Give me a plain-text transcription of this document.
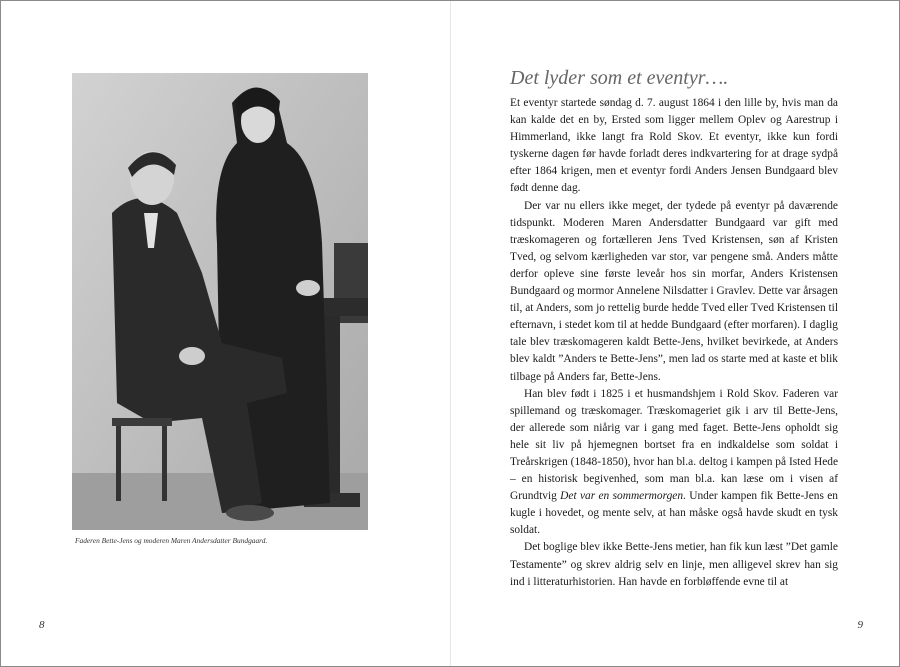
Faderen Bette-Jens og moderen Maren Andersdatter Bundgaard.
8
Det lyder som et eventyr….

Et eventyr startede søndag d. 7. august 1864 i den lille by, hvis man da kan kalde det en by, Ersted som ligger mellem Oplev og Aarestrup i Himmerland, ikke langt fra Rold Skov. Et eventyr, ikke kun fordi tyskerne dagen før havde forladt deres indkvartering for at drage sydpå efter 1864 krigen, men et eventyr fordi Anders Jensen Bundgaard blev født denne dag.

Der var nu ellers ikke meget, der tydede på eventyr på daværende tidspunkt. Moderen Maren Andersdatter Bundgaard var gift med træskomageren og fortælleren Jens Tved Kristensen, søn af Kristen Tved, og selvom kærligheden var stor, var pengene små. Anders måtte derfor opleve sine første leveår hos sin morfar, Anders Kristensen Bundgaard og mormor Annelene Nilsdatter i Gravlev. Dette var årsagen til, at Anders, som jo rettelig burde hedde Tved eller Tved Kristensen til efternavn, i stedet kom til at hedde Bundgaard (efter morfaren). I daglig tale blev træskomageren kaldt Bette-Jens, hvilket bevirkede, at Anders blev kaldt ”Anders te Bette-Jens”, men lad os starte med at kaste et blik tilbage på Anders far, Bette-Jens.

Han blev født i 1825 i et husmandshjem i Rold Skov. Faderen var spillemand og træskomager. Træskomageriet gik i arv til Bette-Jens, der allerede som niårig var i gang med faget. Bette-Jens opholdt sig hele sit liv på hjemegnen bortset fra en indkaldelse som soldat i Treårskrigen (1848-1850), hvor han bl.a. deltog i kampen på Isted Hede – en historisk begivenhed, som man bl.a. kan læse om i visen af Grundtvig Det var en sommermorgen. Under kampen fik Bette-Jens en kugle i hovedet, og mente selv, at han måske også havde skudt en tysk soldat.

Det boglige blev ikke Bette-Jens metier, han fik kun læst ”Det gamle Testamente” og skrev aldrig selv en linje, men alligevel skrev han sig ind i litteraturhistorien. Han havde en forbløffende evne til at

9
